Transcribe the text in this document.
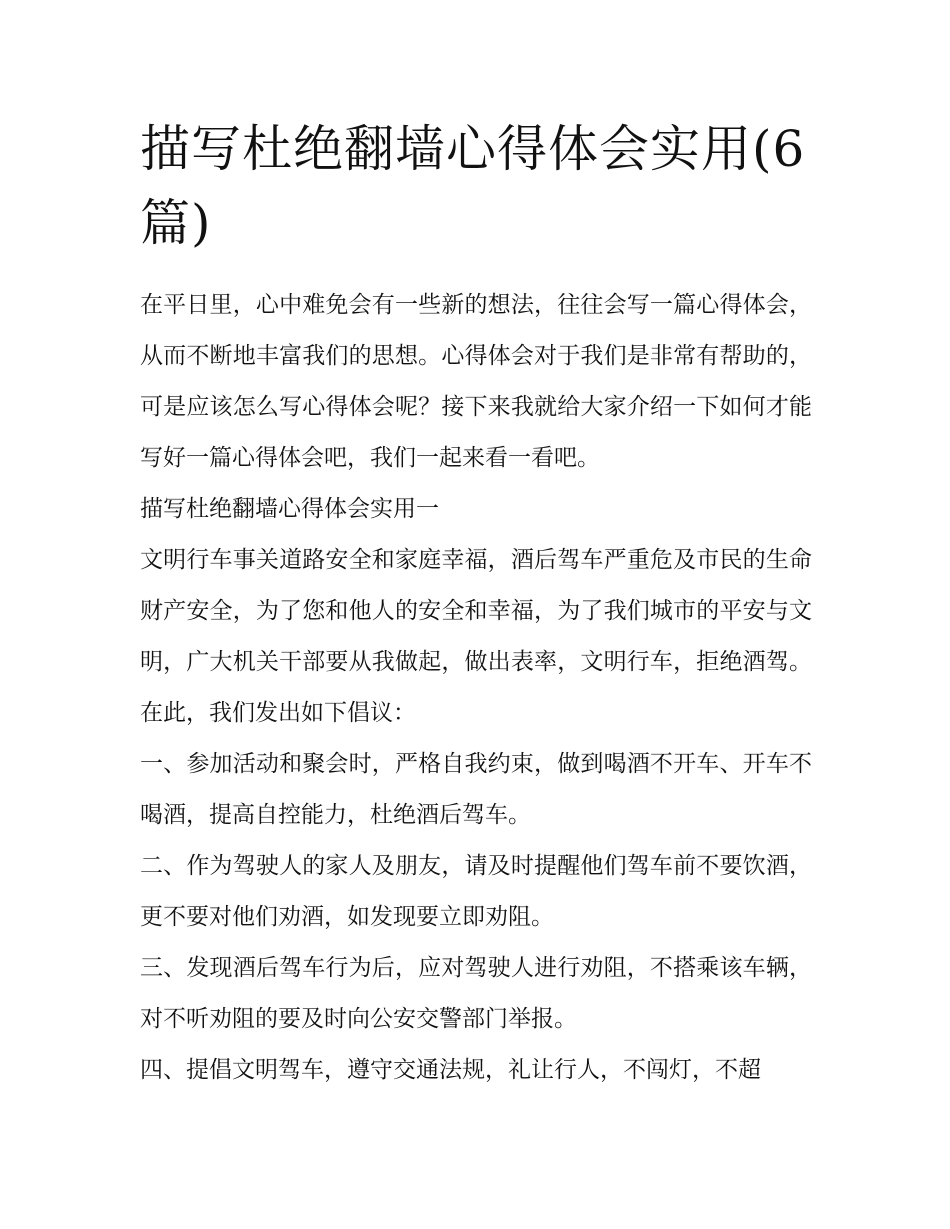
描写杜绝翻墙心得体会实用(6篇)

在平日里，心中难免会有一些新的想法，往往会写一篇心得体会，从而不断地丰富我们的思想。心得体会对于我们是非常有帮助的，可是应该怎么写心得体会呢？接下来我就给大家介绍一下如何才能写好一篇心得体会吧，我们一起来看一看吧。

描写杜绝翻墙心得体会实用一

文明行车事关道路安全和家庭幸福，酒后驾车严重危及市民的生命财产安全，为了您和他人的安全和幸福，为了我们城市的平安与文明，广大机关干部要从我做起，做出表率，文明行车，拒绝酒驾。在此，我们发出如下倡议：

一、参加活动和聚会时，严格自我约束，做到喝酒不开车、开车不喝酒，提高自控能力，杜绝酒后驾车。

二、作为驾驶人的家人及朋友，请及时提醒他们驾车前不要饮酒，更不要对他们劝酒，如发现要立即劝阻。

三、发现酒后驾车行为后，应对驾驶人进行劝阻，不搭乘该车辆，对不听劝阻的要及时向公安交警部门举报。

四、提倡文明驾车，遵守交通法规，礼让行人，不闯灯，不超
